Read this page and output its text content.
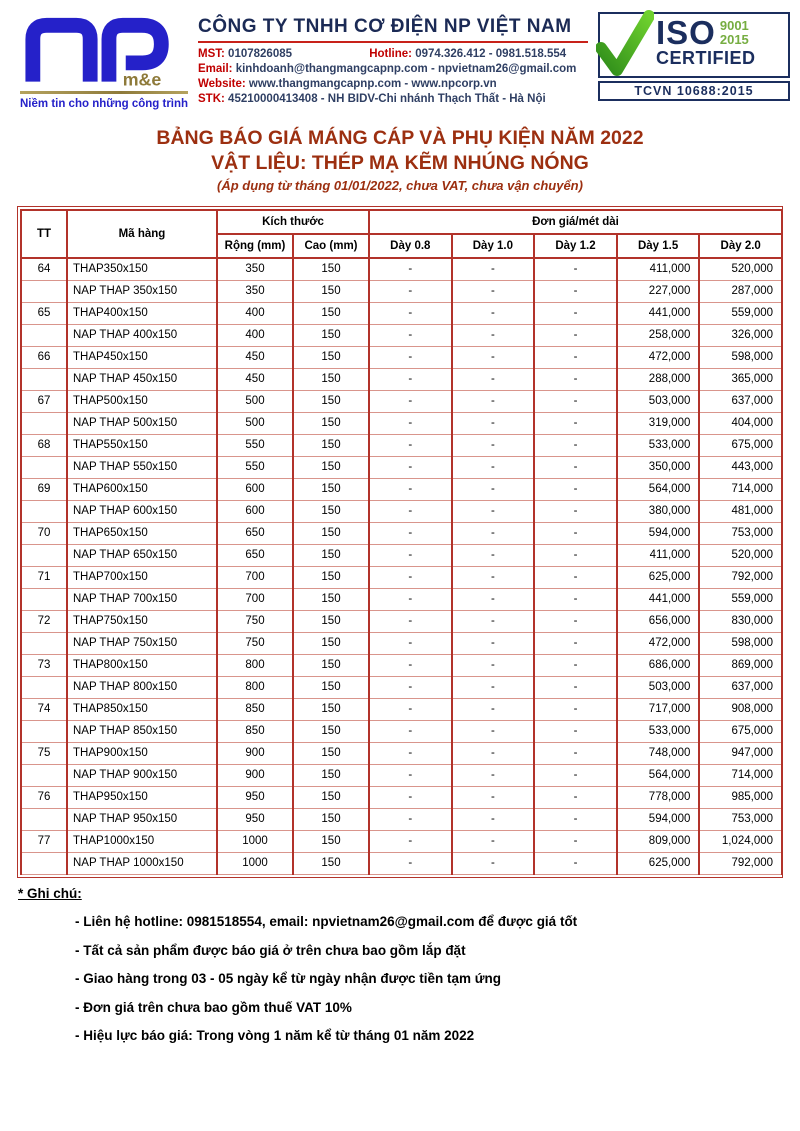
m&e
Niềm tin cho những công trình
CÔNG TY TNHH CƠ ĐIỆN NP VIỆT NAM
MST: 0107826085	Hotline: 0974.326.412 - 0981.518.554
Email: kinhdoanh@thangmangcapnp.com - npvietnam26@gmail.com
Website: www.thangmangcapnp.com - www.npcorp.vn
STK: 45210000413408 - NH BIDV-Chi nhánh Thạch Thất - Hà Nội
ISO 9001
2015
CERTIFIED
TCVN 10688:2015
BẢNG BÁO GIÁ MÁNG CÁP VÀ PHỤ KIỆN NĂM 2022
VẬT LIỆU: THÉP MẠ KẼM NHÚNG NÓNG
(Áp dụng từ tháng 01/01/2022, chưa VAT, chưa vận chuyển)
TT	Mã hàng	Kích thước		Đơn giá/mét dài				
		Rộng (mm)	Cao (mm)	Dày 0.8	Dày 1.0	Dày 1.2	Dày 1.5	Dày 2.0
64	THAP350x150	350	150	-	-	-	411,000	520,000
	NAP THAP 350x150	350	150	-	-	-	227,000	287,000
65	THAP400x150	400	150	-	-	-	441,000	559,000
	NAP THAP 400x150	400	150	-	-	-	258,000	326,000
66	THAP450x150	450	150	-	-	-	472,000	598,000
	NAP THAP 450x150	450	150	-	-	-	288,000	365,000
67	THAP500x150	500	150	-	-	-	503,000	637,000
	NAP THAP 500x150	500	150	-	-	-	319,000	404,000
68	THAP550x150	550	150	-	-	-	533,000	675,000
	NAP THAP 550x150	550	150	-	-	-	350,000	443,000
69	THAP600x150	600	150	-	-	-	564,000	714,000
	NAP THAP 600x150	600	150	-	-	-	380,000	481,000
70	THAP650x150	650	150	-	-	-	594,000	753,000
	NAP THAP 650x150	650	150	-	-	-	411,000	520,000
71	THAP700x150	700	150	-	-	-	625,000	792,000
	NAP THAP 700x150	700	150	-	-	-	441,000	559,000
72	THAP750x150	750	150	-	-	-	656,000	830,000
	NAP THAP 750x150	750	150	-	-	-	472,000	598,000
73	THAP800x150	800	150	-	-	-	686,000	869,000
	NAP THAP 800x150	800	150	-	-	-	503,000	637,000
74	THAP850x150	850	150	-	-	-	717,000	908,000
	NAP THAP 850x150	850	150	-	-	-	533,000	675,000
75	THAP900x150	900	150	-	-	-	748,000	947,000
	NAP THAP 900x150	900	150	-	-	-	564,000	714,000
76	THAP950x150	950	150	-	-	-	778,000	985,000
	NAP THAP 950x150	950	150	-	-	-	594,000	753,000
77	THAP1000x150	1000	150	-	-	-	809,000	1,024,000
	NAP THAP 1000x150	1000	150	-	-	-	625,000	792,000
* Ghi chú:
- Liên hệ hotline: 0981518554, email: npvietnam26@gmail.com để được giá tốt
- Tất cả sản phẩm được báo giá ở trên chưa bao gồm lắp đặt
- Giao hàng trong 03 - 05 ngày kể từ ngày nhận được tiền tạm ứng
- Đơn giá trên chưa bao gồm thuế VAT 10%
- Hiệu lực báo giá: Trong vòng 1 năm kể từ tháng 01 năm 2022
